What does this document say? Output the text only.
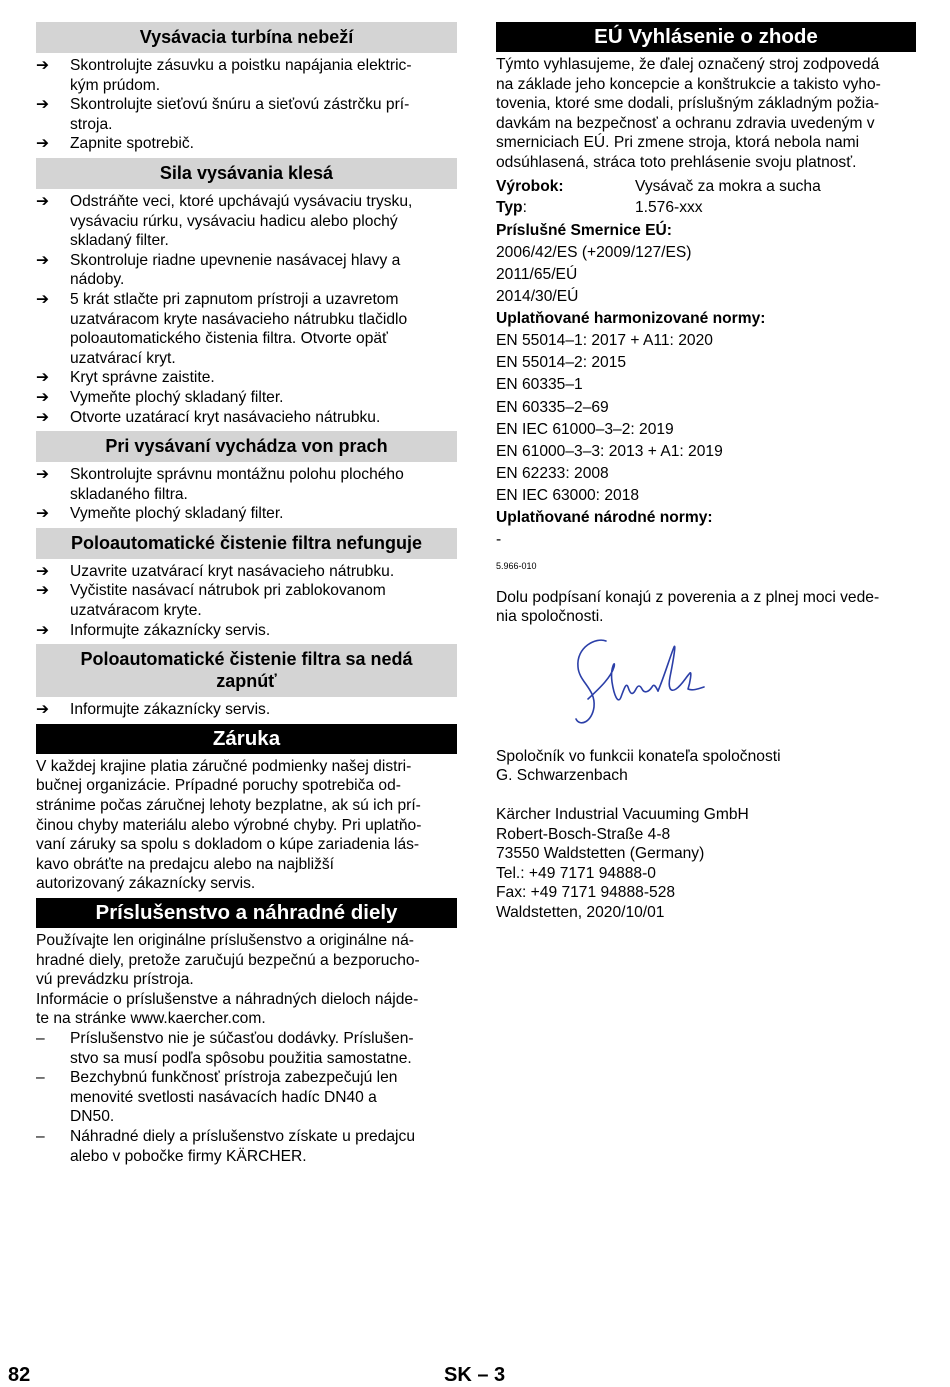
Vysávacia turbína nebeží
➔	Skontrolujte zásuvku a poistku napájania elektric-
kým prúdom.
➔	Skontrolujte sieťovú šnúru a sieťovú zástrčku prí-
stroja.
➔	Zapnite spotrebič.
Sila vysávania klesá
➔	Odstráňte veci, ktoré upchávajú vysávaciu trysku,
vysávaciu rúrku, vysávaciu hadicu alebo plochý
skladaný filter.
➔	Skontroluje riadne upevnenie nasávacej hlavy a
nádoby.
➔	5 krát stlačte pri zapnutom prístroji a uzavretom
uzatváracom kryte nasávacieho nátrubku tlačidlo
poloautomatického čistenia filtra. Otvorte opäť
uzatvárací kryt.
➔	Kryt správne zaistite.
➔	Vymeňte plochý skladaný filter.
➔	Otvorte uzatárací kryt nasávacieho nátrubku.
Pri vysávaní vychádza von prach
➔	Skontrolujte správnu montážnu polohu plochého
skladaného filtra.
➔	Vymeňte plochý skladaný filter.
Poloautomatické čistenie filtra nefunguje
➔	Uzavrite uzatvárací kryt nasávacieho nátrubku.
➔	Vyčistite nasávací nátrubok pri zablokovanom
uzatváracom kryte.
➔	Informujte zákaznícky servis.
Poloautomatické čistenie filtra sa nedá
zapnúť
➔	Informujte zákaznícky servis.
Záruka

V každej krajine platia záručné podmienky našej distri-
bučnej organizácie. Prípadné poruchy spotrebiča od-
stránime počas záručnej lehoty bezplatne, ak sú ich prí-
činou chyby materiálu alebo výrobné chyby. Pri uplatňo-
vaní záruky sa spolu s dokladom o kúpe zariadenia lás-
kavo obráťte na predajcu alebo na najbližší
autorizovaný zákaznícky servis.

Príslušenstvo a náhradné diely

Používajte len originálne príslušenstvo a originálne ná-
hradné diely, pretože zaručujú bezpečnú a bezporucho-
vú prevádzku prístroja.

Informácie o príslušenstve a náhradných dieloch nájde-
te na stránke www.kaercher.com.

–	Príslušenstvo nie je súčasťou dodávky. Príslušen-
stvo sa musí podľa spôsobu použitia samostatne.
–	Bezchybnú funkčnosť prístroja zabezpečujú len
menovité svetlosti nasávacích hadíc DN40 a
DN50.
–	Náhradné diely a príslušenstvo získate u predajcu
alebo v pobočke firmy KÄRCHER.
EÚ Vyhlásenie o zhode

Týmto vyhlasujeme, že ďalej označený stroj zodpovedá
na základe jeho koncepcie a konštrukcie a takisto vyho-
tovenia, ktoré sme dodali, príslušným základným požia-
davkám na bezpečnosť a ochranu zdravia uvedeným v
smerniciach EÚ. Pri zmene stroja, ktorá nebola nami
odsúhlasená, stráca toto prehlásenie svoju platnosť.

Výrobok:	Vysávač za mokra a sucha
Typ:	1.576-xxx
Príslušné Smernice EÚ:
2006/42/ES (+2009/127/ES)
2011/65/EÚ
2014/30/EÚ
Uplatňované harmonizované normy:
EN 55014–1: 2017 + A11: 2020
EN 55014–2: 2015
EN 60335–1
EN 60335–2–69
EN IEC 61000–3–2: 2019
EN 61000–3–3: 2013 + A1: 2019
EN 62233: 2008
EN IEC 63000: 2018
Uplatňované národné normy:
-
5.966-010

Dolu podpísaní konajú z poverenia a z plnej moci vede-
nia spoločnosti.

Spoločník vo funkcii konateľa spoločnosti
G. Schwarzenbach
Kärcher Industrial Vacuuming GmbH
Robert-Bosch-Straße 4-8
73550 Waldstetten (Germany)
Tel.: +49 7171 94888-0
Fax: +49 7171 94888-528
Waldstetten, 2020/10/01
82	SK – 3
